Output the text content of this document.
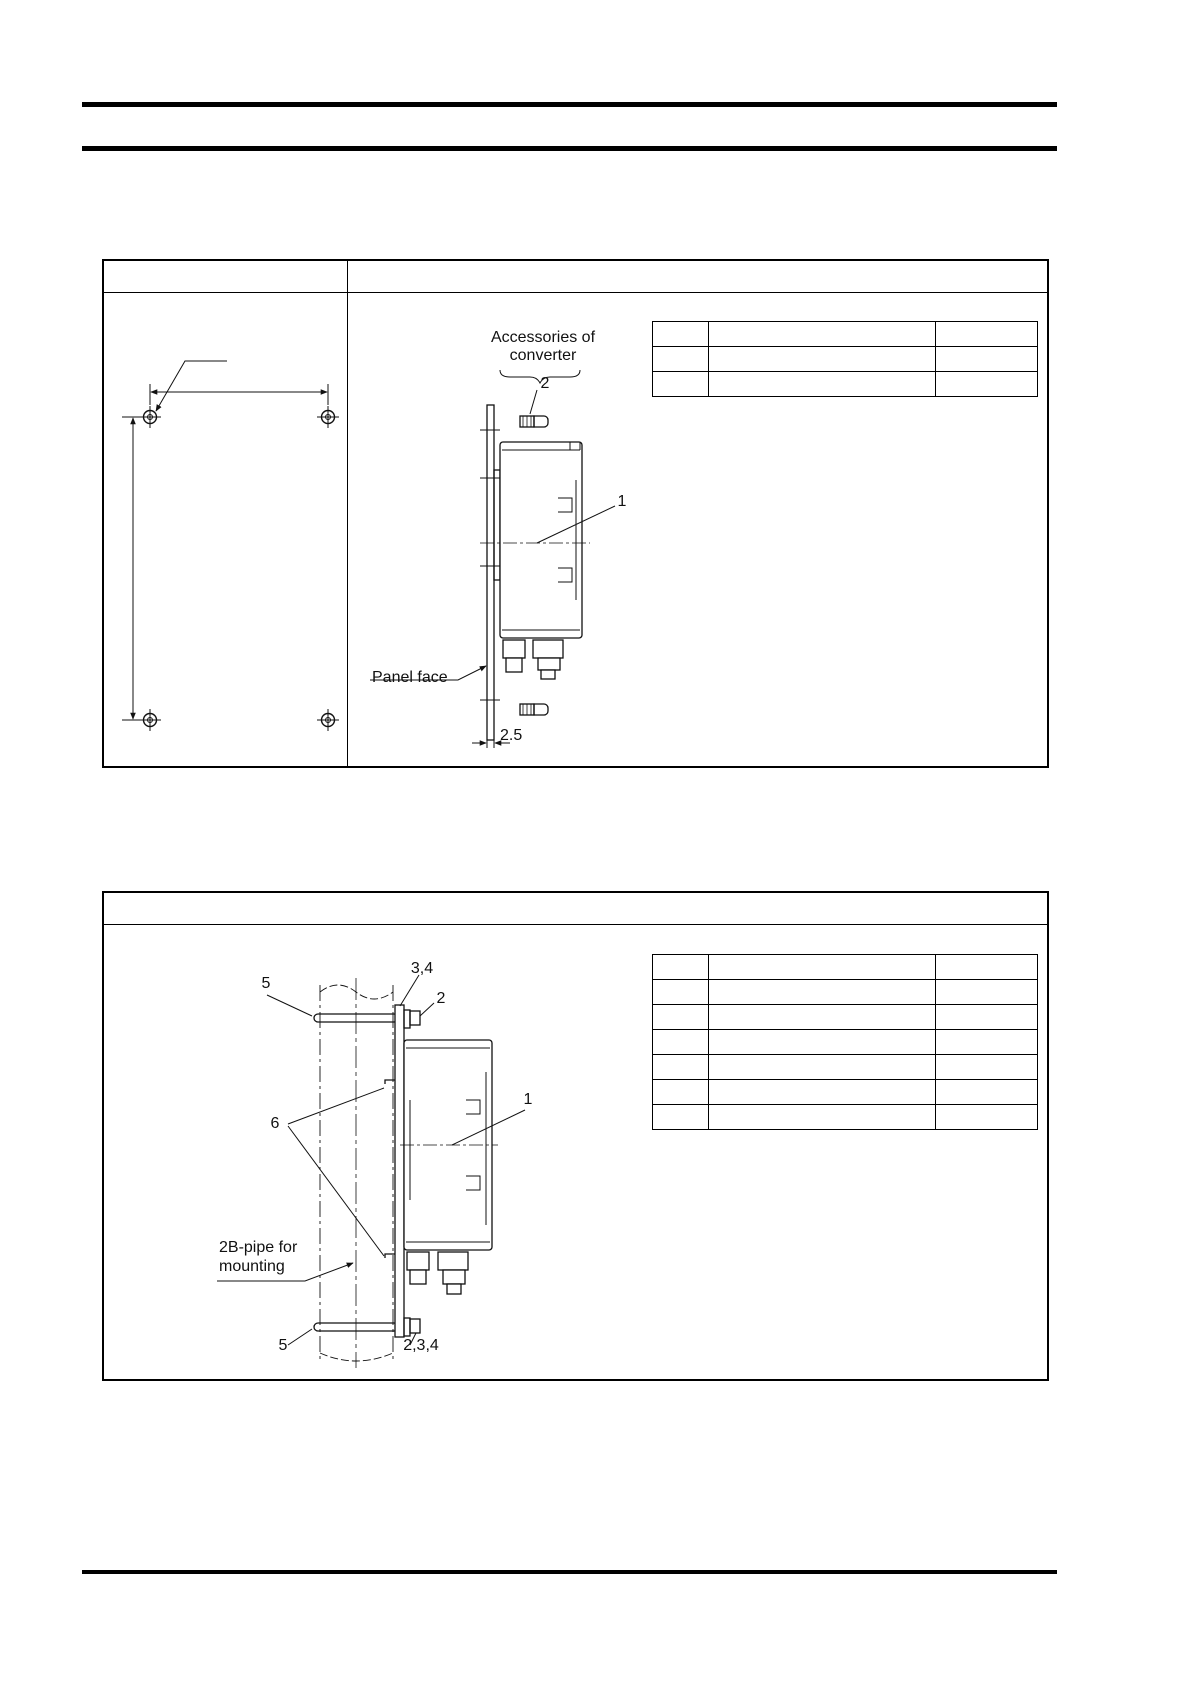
Accessories of
converter
2
1
Panel face
2.5
3,4
2
5
6
1
2B-pipe for
mounting
5	2,3,4
